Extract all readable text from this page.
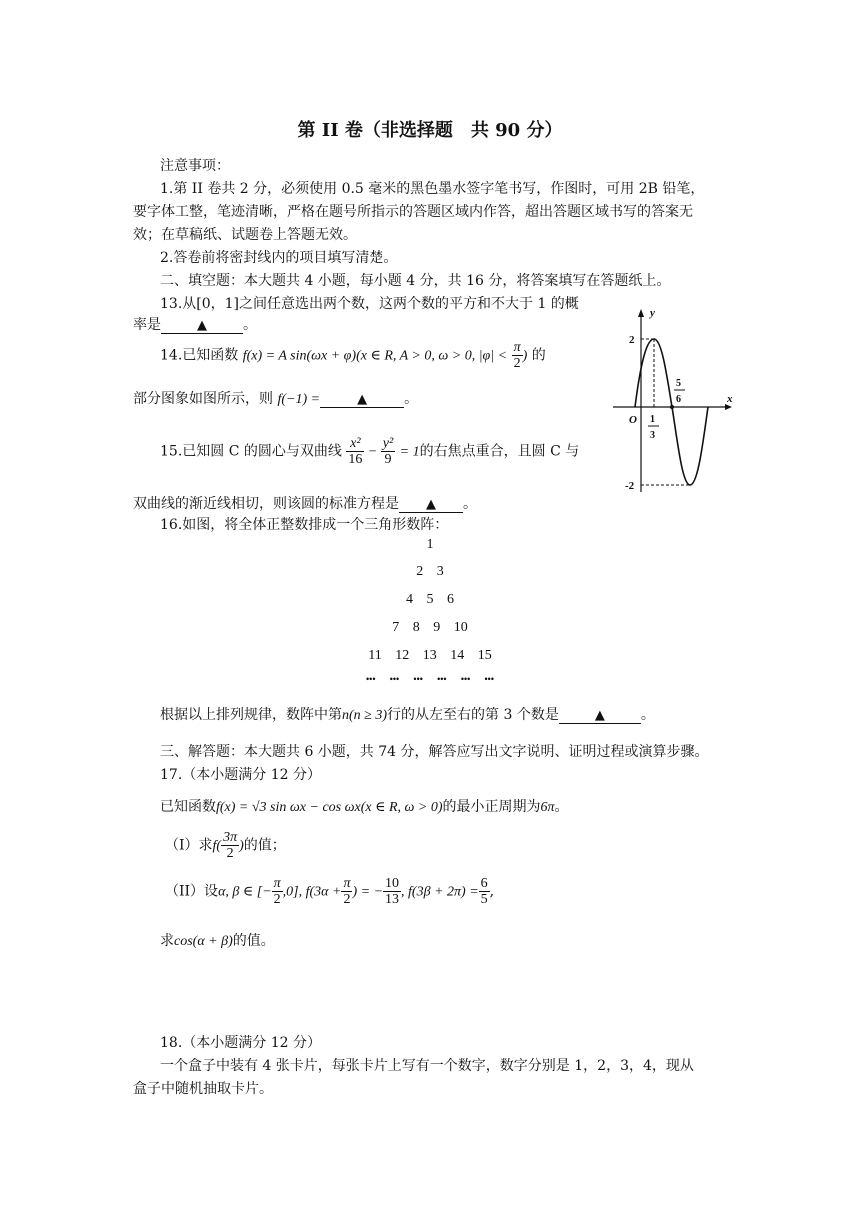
第 II 卷（非选择题　共 90 分）
注意事项：
1.第 II 卷共 2 分，必须使用 0.5 毫米的黑色墨水签字笔书写，作图时，可用 2B 铅笔，
要字体工整，笔迹清晰，严格在题号所指示的答题区域内作答，超出答题区域书写的答案无
效；在草稿纸、试题卷上答题无效。
2.答卷前将密封线内的项目填写清楚。
二、填空题：本大题共 4 小题，每小题 4 分，共 16 分，将答案填写在答题纸上。
13.从[0，1]之间任意选出两个数，这两个数的平方和不大于 1 的概
率是	▲	。
14.已知函数 f(x) = A sin(ωx + φ)(x ∈ R, A > 0, ω > 0, $|\varphi| < \frac{\pi}{2}$ ) 的
部分图象如图所示，则 f(−1) =	▲	。
15.已知圆 C 的圆心与双曲线 $\frac{\text{x²}}{16} - \frac{\text{y²}}{9} = 1$的右焦点重合，且圆 C 与
双曲线的渐近线相切，则该圆的标准方程是 ▲ 。
16.如图，将全体正整数排成一个三角形数阵：
1
2 3
4 5 6
7 8 9 10
11 12 13 14 15
••• ••• ••• ••• ••• •••
根据以上排列规律，数阵中第n(n ≥ 3)行的从左至右的第 3 个数是	▲	。
三、解答题：本大题共 6 小题，共 74 分，解答应写出文字说明、证明过程或演算步骤。
17.（本小题满分 12 分）
已知函数f(x) = √3 sin ωx − cos ωx(x ∈ R, ω > 0)的最小正周期为6π。
（I）求$f( \frac{3\pi}{2}$ )的值；
（II）设α, β ∈ [− $\frac{\pi}{2} ,0$], $f(3\alpha + \frac{\pi}{2}$ ) = − $\frac{10}{13}$ , $f(3\beta + 2\pi) = \frac{6}{5}$ ,
求cos(α + β)的值。
18.（本小题满分 12 分）
一个盒子中装有 4 张卡片，每张卡片上写有一个数字，数字分别是 1，2，3，4，现从
盒子中随机抽取卡片。
y
x
O
2
-2
1
3
5
6
